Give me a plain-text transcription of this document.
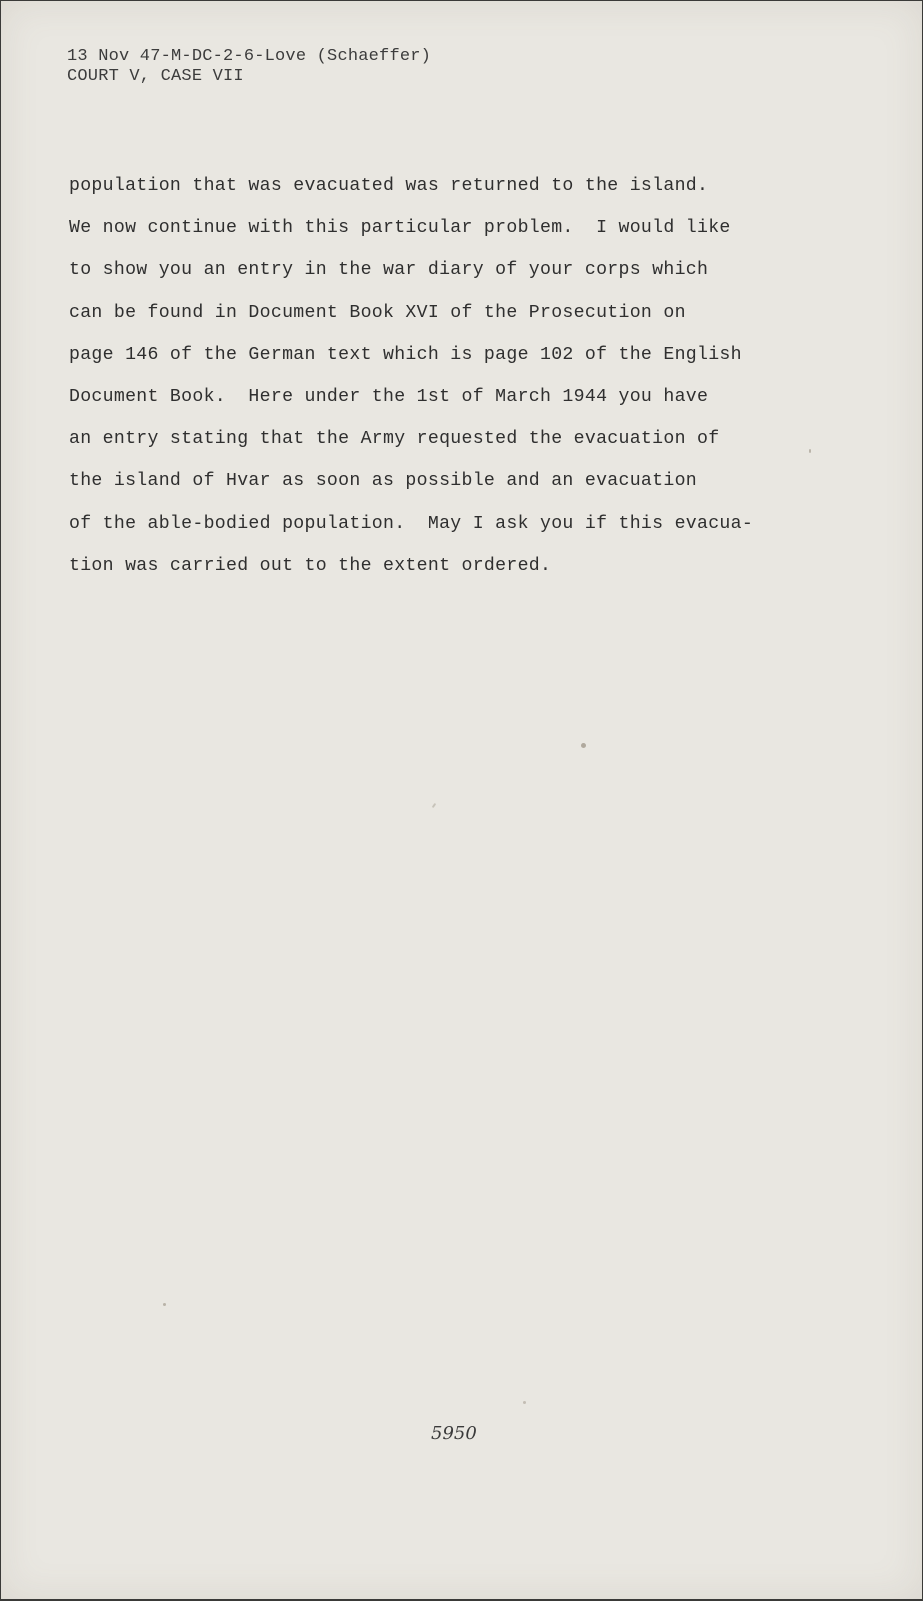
13 Nov 47-M-DC-2-6-Love (Schaeffer)
COURT V, CASE VII
population that was evacuated was returned to the island.
We now continue with this particular problem.  I would like
to show you an entry in the war diary of your corps which
can be found in Document Book XVI of the Prosecution on
page 146 of the German text which is page 102 of the English
Document Book.  Here under the 1st of March 1944 you have
an entry stating that the Army requested the evacuation of
the island of Hvar as soon as possible and an evacuation
of the able-bodied population.  May I ask you if this evacua-
tion was carried out to the extent ordered.
5950
